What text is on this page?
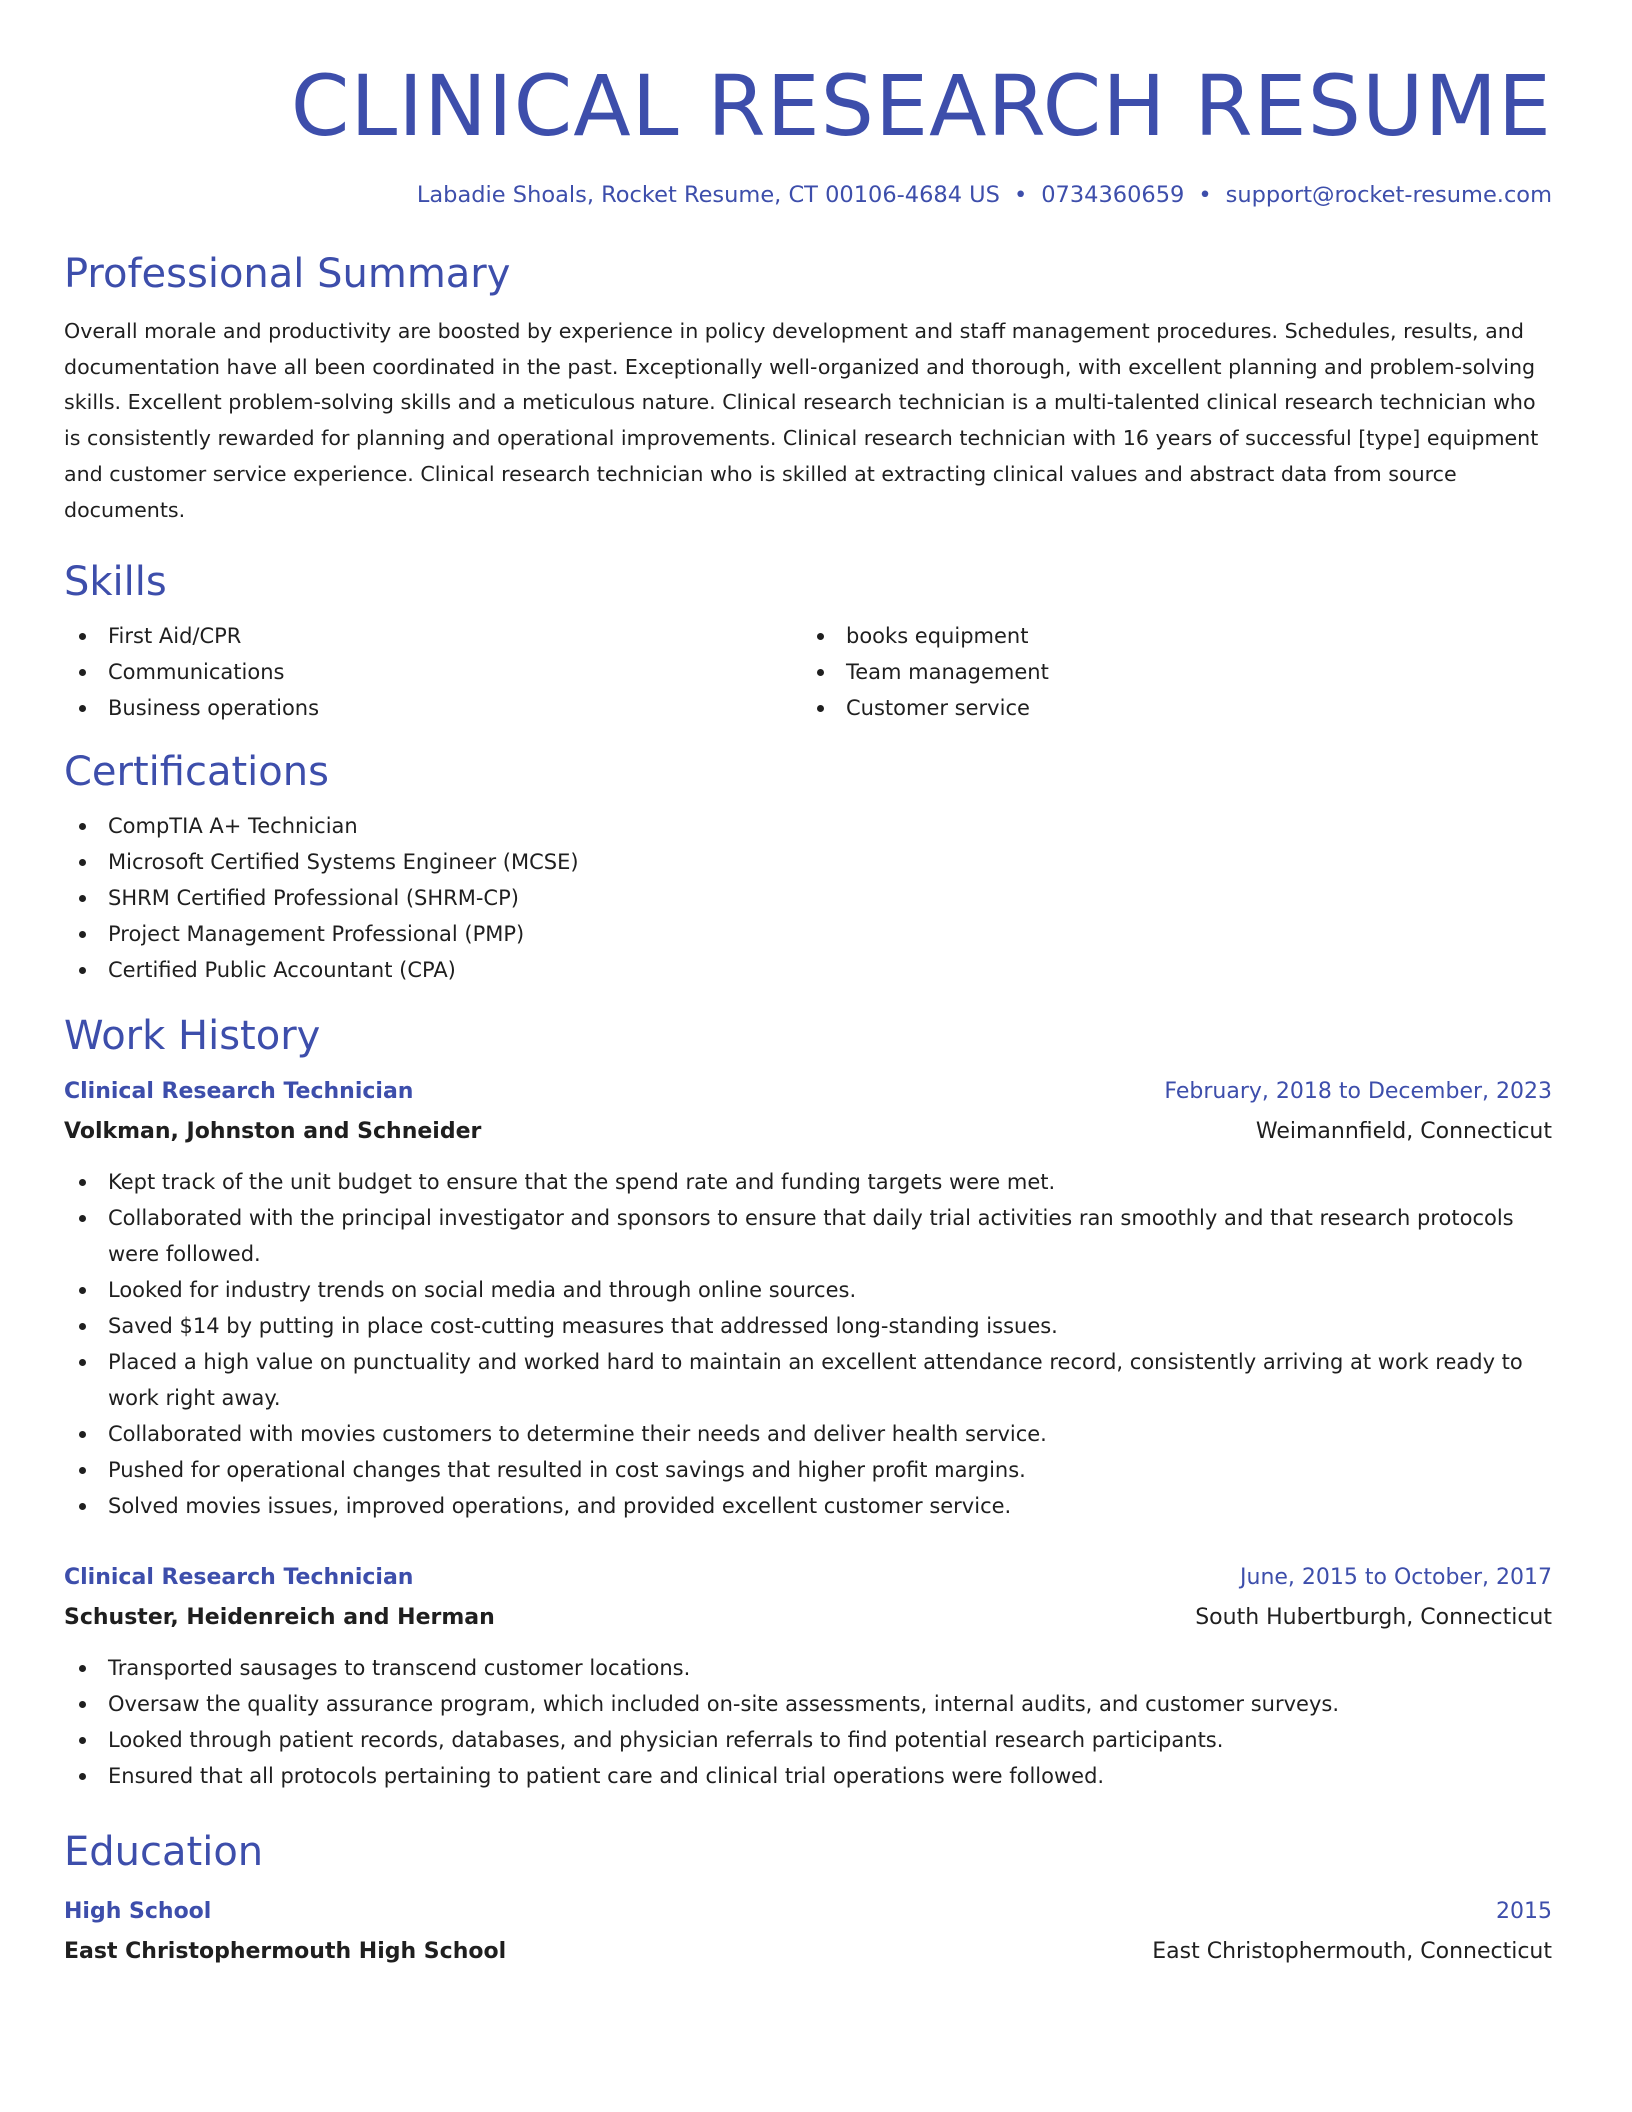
CLINICAL RESEARCH RESUME
Labadie Shoals, Rocket Resume, CT 00106-4684 US • 0734360659 • support@rocket-resume.com
Professional Summary

Overall morale and productivity are boosted by experience in policy development and staff management procedures. Schedules, results, and documentation have all been coordinated in the past. Exceptionally well-organized and thorough, with excellent planning and problem-solving skills. Excellent problem-solving skills and a meticulous nature. Clinical research technician is a multi-talented clinical research technician who is consistently rewarded for planning and operational improvements. Clinical research technician with 16 years of successful [type] equipment and customer service experience. Clinical research technician who is skilled at extracting clinical values and abstract data from source documents.

Skills
First Aid/CPR
Communications
Business operations
books equipment
Team management
Customer service
Certifications
CompTIA A+ Technician
Microsoft Certified Systems Engineer (MCSE)
SHRM Certified Professional (SHRM-CP)
Project Management Professional (PMP)
Certified Public Accountant (CPA)
Work History
Clinical Research Technician	February, 2018 to December, 2023
Volkman, Johnston and Schneider	Weimannfield, Connecticut
Kept track of the unit budget to ensure that the spend rate and funding targets were met.
Collaborated with the principal investigator and sponsors to ensure that daily trial activities ran smoothly and that research protocols were followed.
Looked for industry trends on social media and through online sources.
Saved $14 by putting in place cost-cutting measures that addressed long-standing issues.
Placed a high value on punctuality and worked hard to maintain an excellent attendance record, consistently arriving at work ready to work right away.
Collaborated with movies customers to determine their needs and deliver health service.
Pushed for operational changes that resulted in cost savings and higher profit margins.
Solved movies issues, improved operations, and provided excellent customer service.
Clinical Research Technician	June, 2015 to October, 2017
Schuster, Heidenreich and Herman	South Hubertburgh, Connecticut
Transported sausages to transcend customer locations.
Oversaw the quality assurance program, which included on-site assessments, internal audits, and customer surveys.
Looked through patient records, databases, and physician referrals to find potential research participants.
Ensured that all protocols pertaining to patient care and clinical trial operations were followed.
Education
High School	2015
East Christophermouth High School	East Christophermouth, Connecticut
